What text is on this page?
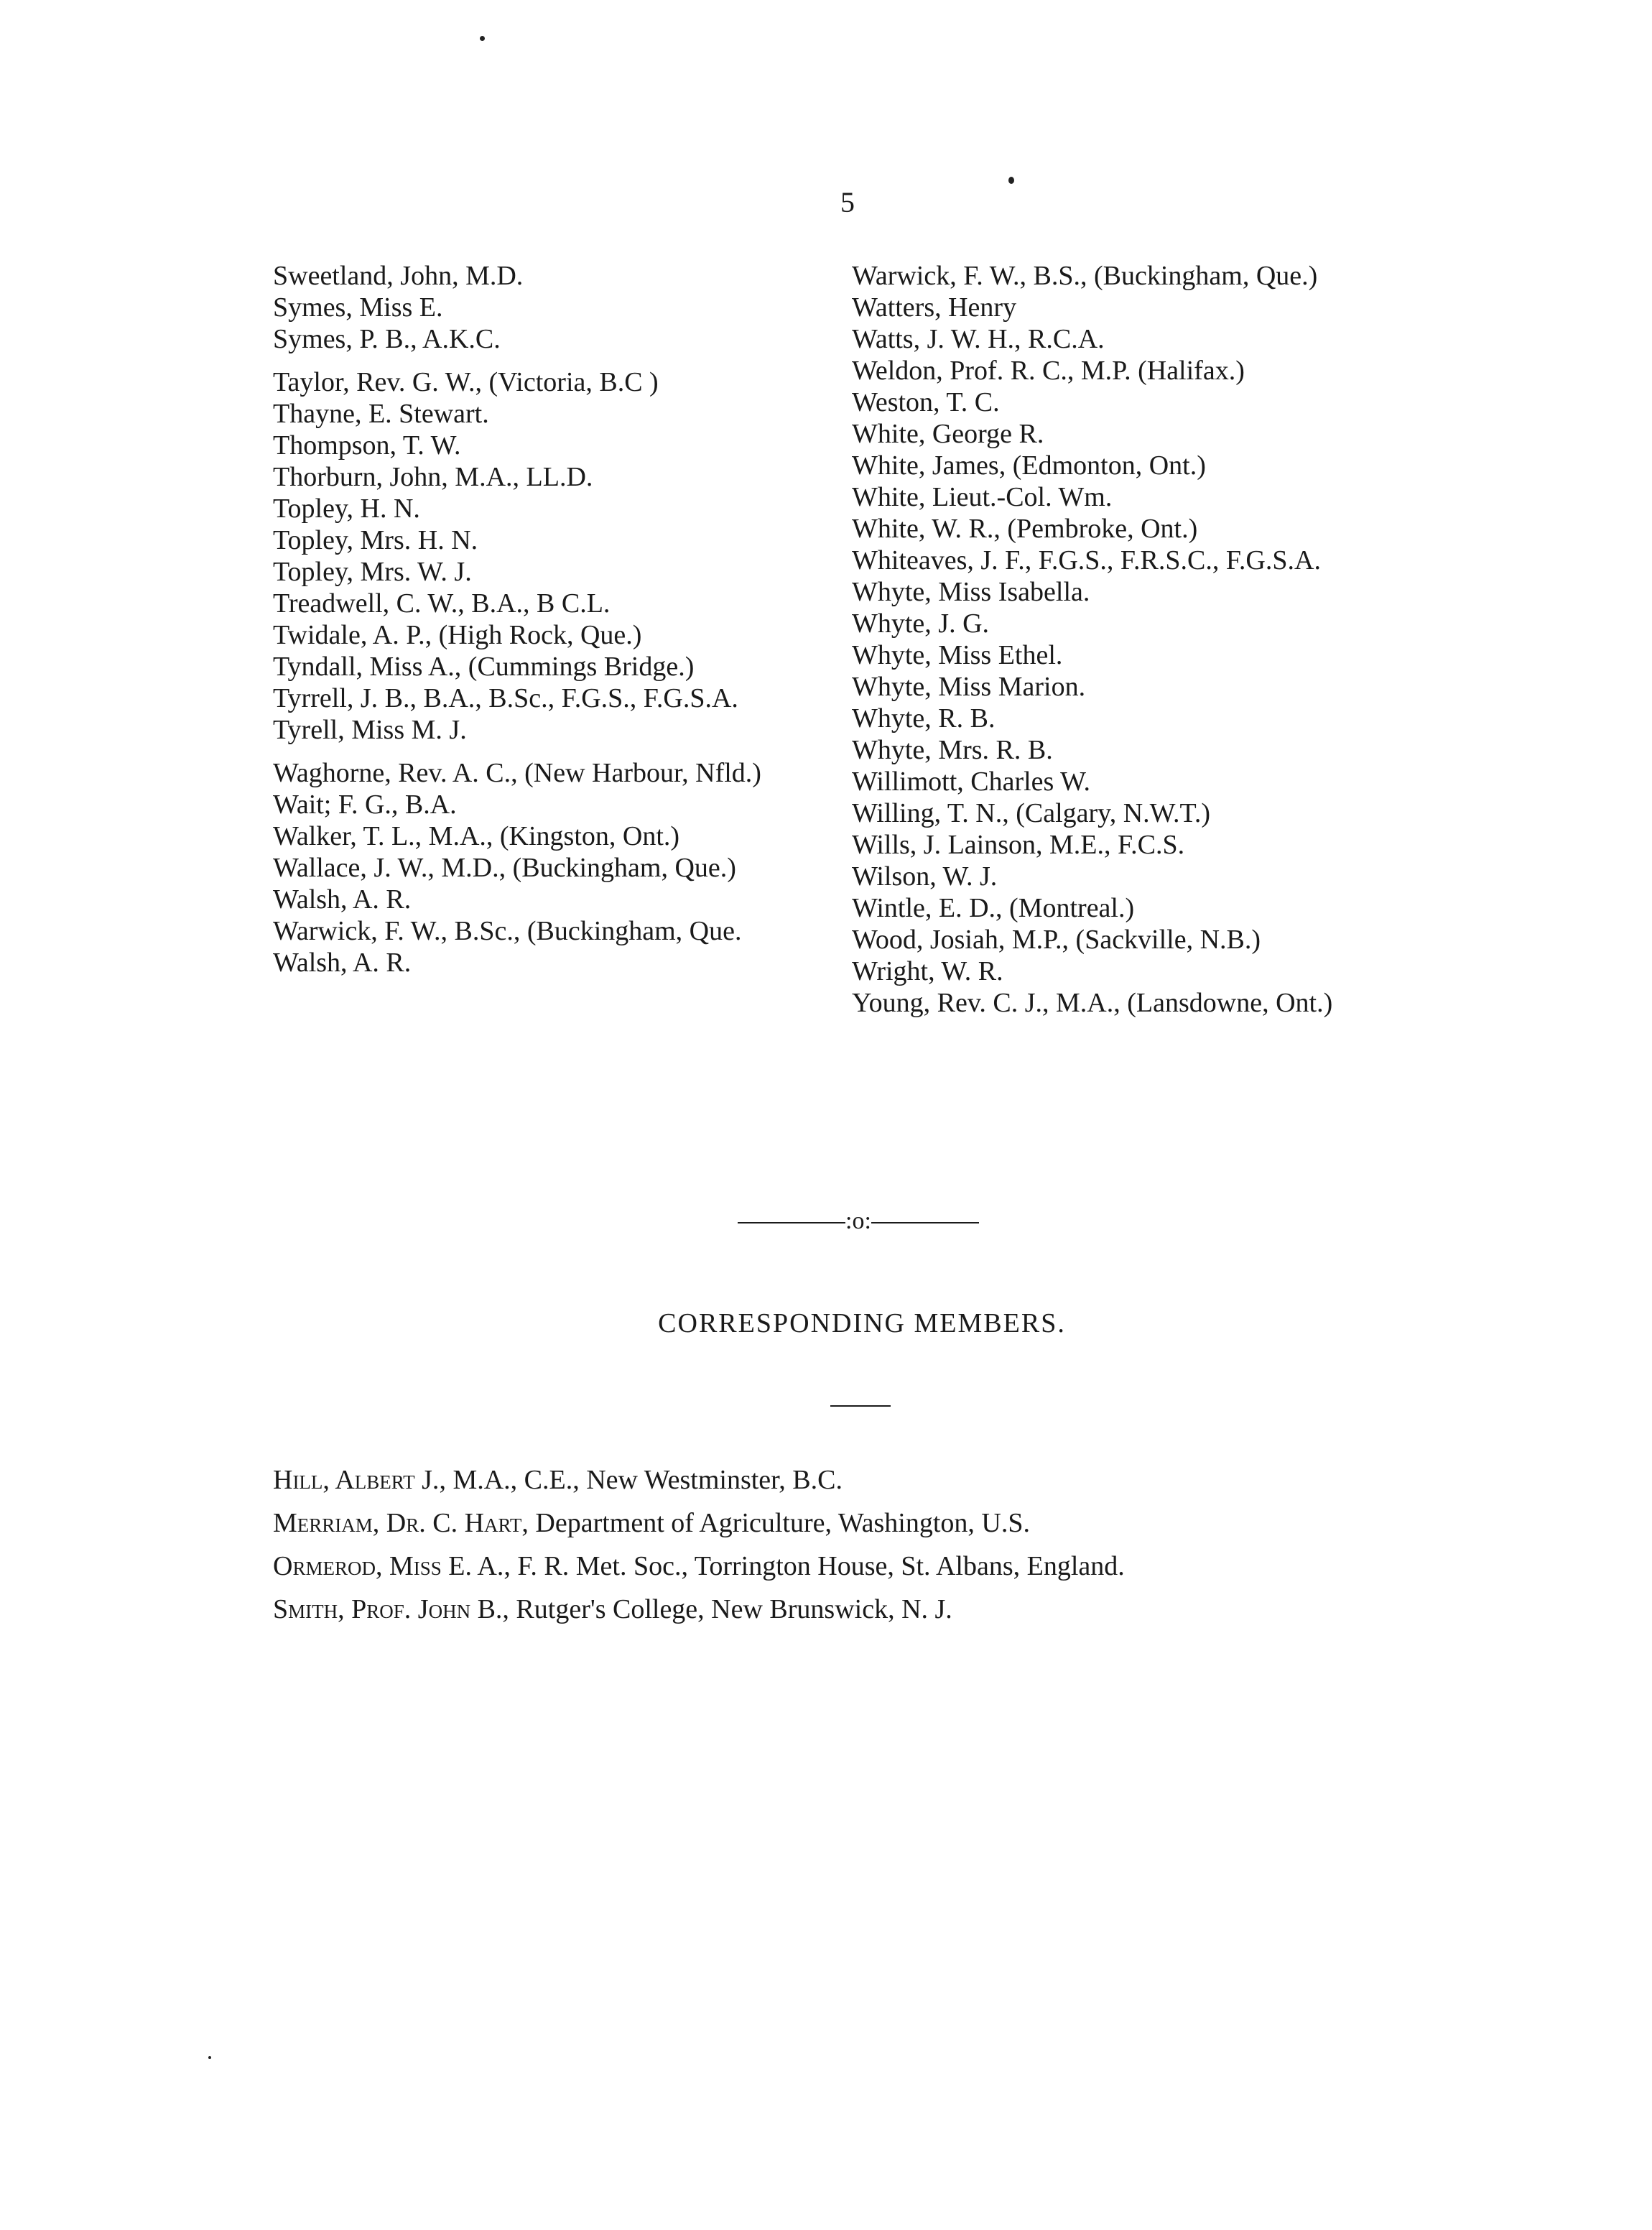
5

Sweetland, John, M.D.

Symes, Miss E.

Symes, P. B., A.K.C.

Taylor, Rev. G. W., (Victoria, B.C )

Thayne, E. Stewart.

Thompson, T. W.

Thorburn, John, M.A., LL.D.

Topley, H. N.

Topley, Mrs. H. N.

Topley, Mrs. W. J.

Treadwell, C. W., B.A., B C.L.

Twidale, A. P., (High Rock, Que.)

Tyndall, Miss A., (Cummings Bridge.)

Tyrrell, J. B., B.A., B.Sc., F.G.S., F.G.S.A.

Tyrell, Miss M. J.

Waghorne, Rev. A. C., (New Harbour, Nfld.)

Wait; F. G., B.A.

Walker, T. L., M.A., (Kingston, Ont.)

Wallace, J. W., M.D., (Buckingham, Que.)

Walsh, A. R.

Warwick, F. W., B.Sc., (Buckingham, Que.

Walsh, A. R.

Warwick, F. W., B.S., (Buckingham, Que.)

Watters, Henry

Watts, J. W. H., R.C.A.

Weldon, Prof. R. C., M.P. (Halifax.)

Weston, T. C.

White, George R.

White, James, (Edmonton, Ont.)

White, Lieut.-Col. Wm.

White, W. R., (Pembroke, Ont.)

Whiteaves, J. F., F.G.S., F.R.S.C., F.G.S.A.

Whyte, Miss Isabella.

Whyte, J. G.

Whyte, Miss Ethel.

Whyte, Miss Marion.

Whyte, R. B.

Whyte, Mrs. R. B.

Willimott, Charles W.

Willing, T. N., (Calgary, N.W.T.)

Wills, J. Lainson, M.E., F.C.S.

Wilson, W. J.

Wintle, E. D., (Montreal.)

Wood, Josiah, M.P., (Sackville, N.B.)

Wright, W. R.

Young, Rev. C. J., M.A., (Lansdowne, Ont.)

:o:
CORRESPONDING MEMBERS.

Hill, Albert J., M.A., C.E., New Westminster, B.C.

Merriam, Dr. C. Hart, Department of Agriculture, Washington, U.S.

Ormerod, Miss E. A., F. R. Met. Soc., Torrington House, St. Albans, England.

Smith, Prof. John B., Rutger's College, New Brunswick, N. J.
